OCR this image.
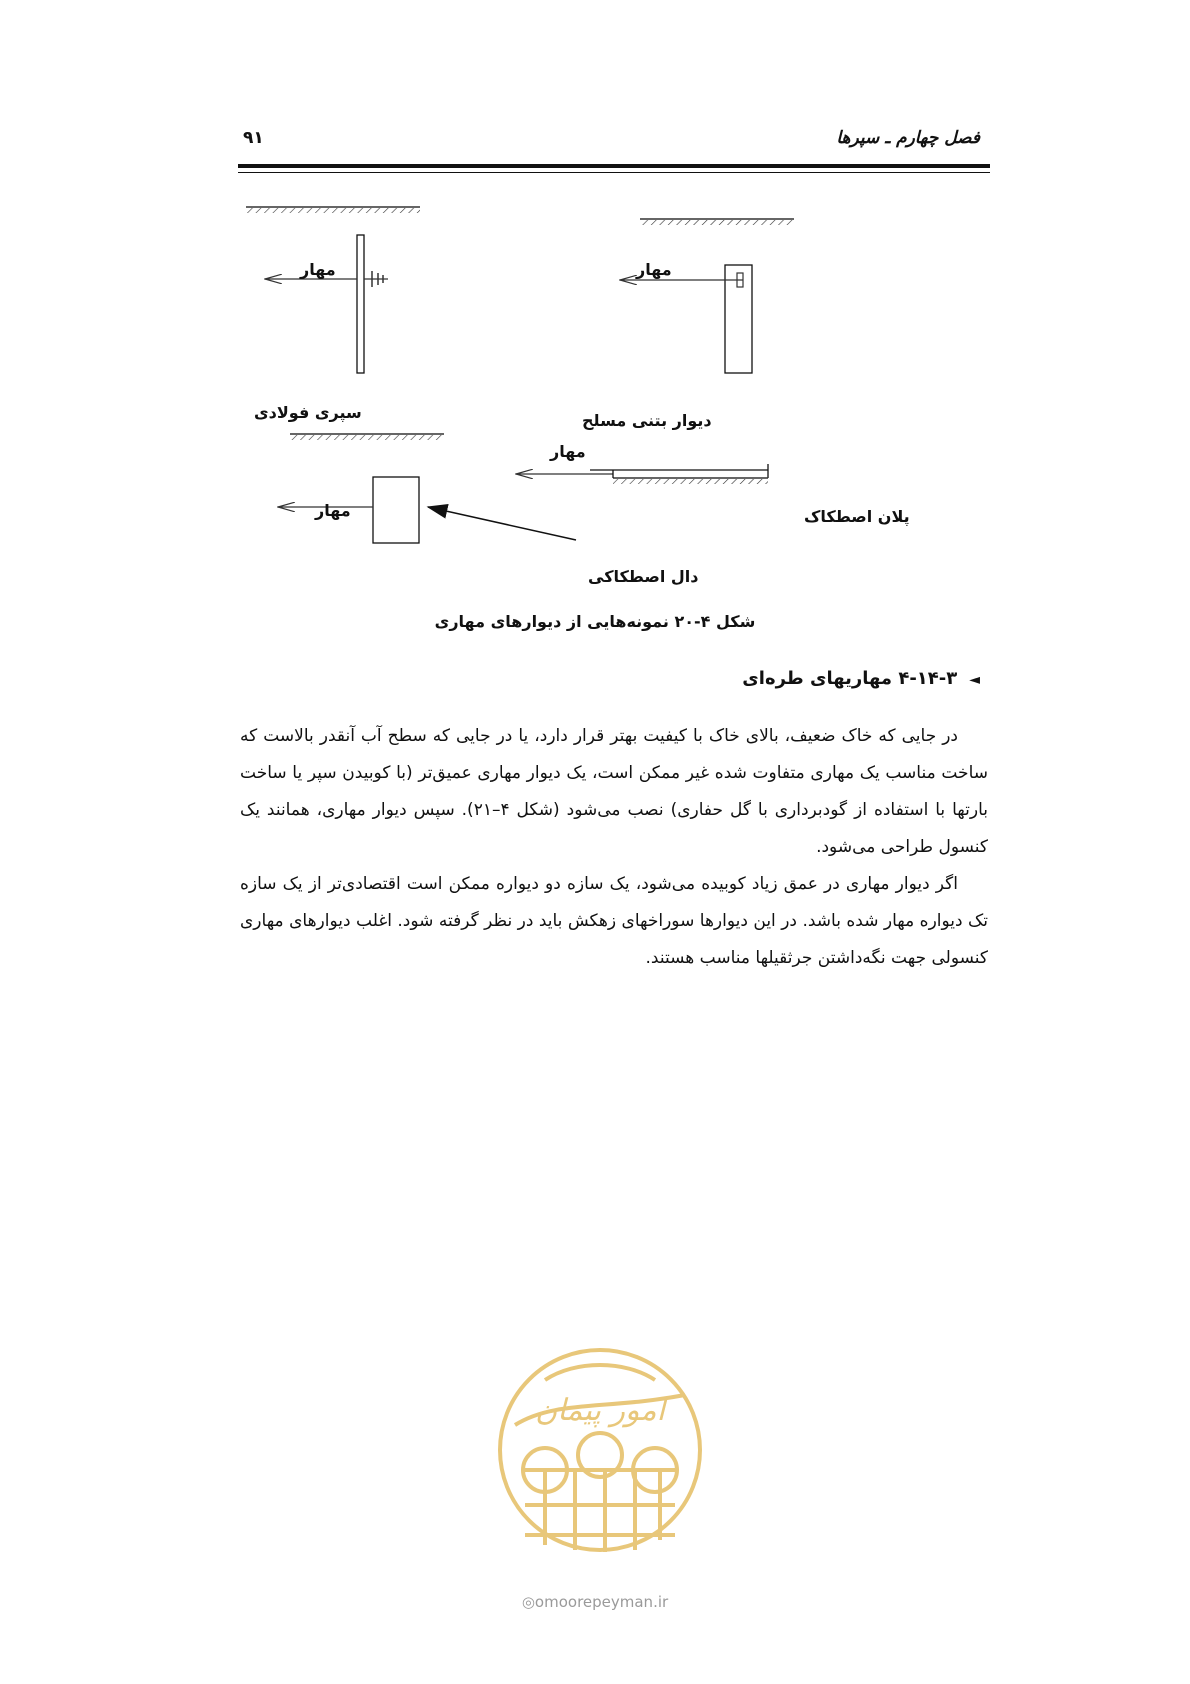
فصل چهارم ـ سپرها
۹۱
مهار	مهار
سپری فولادی	دیوار بتنی مسلح
مهار
مهار	پلان اصطکاک
دال اصطکاکی
شکل ۴-۲۰ نمونه‌هایی از دیوارهای مهاری
◄۴-۱۴-۳ مهاریهای طره‌ای

در جایی که خاک ضعیف، بالای خاک با کیفیت بهتر قرار دارد، یا در جایی که سطح آب آنقدر بالاست که ساخت مناسب یک مهاری متفاوت شده غیر ممکن است، یک دیوار مهاری عمیق‌تر (با کوبیدن سپر یا ساخت بارتها با استفاده از گودبرداری با گل حفاری) نصب می‌شود (شکل ۴–۲۱). سپس دیوار مهاری، همانند یک کنسول طراحی می‌شود.

اگر دیوار مهاری در عمق زیاد کوبیده می‌شود، یک سازه دو دیواره ممکن است اقتصادی‌تر از یک سازه تک دیواره مهار شده باشد. در این دیوارها سوراخهای زهکش باید در نظر گرفته شود. اغلب دیوارهای مهاری کنسولی جهت نگه‌داشتن جرثقیلها مناسب هستند.

امور پیمان
◎omoorepeyman.ir
